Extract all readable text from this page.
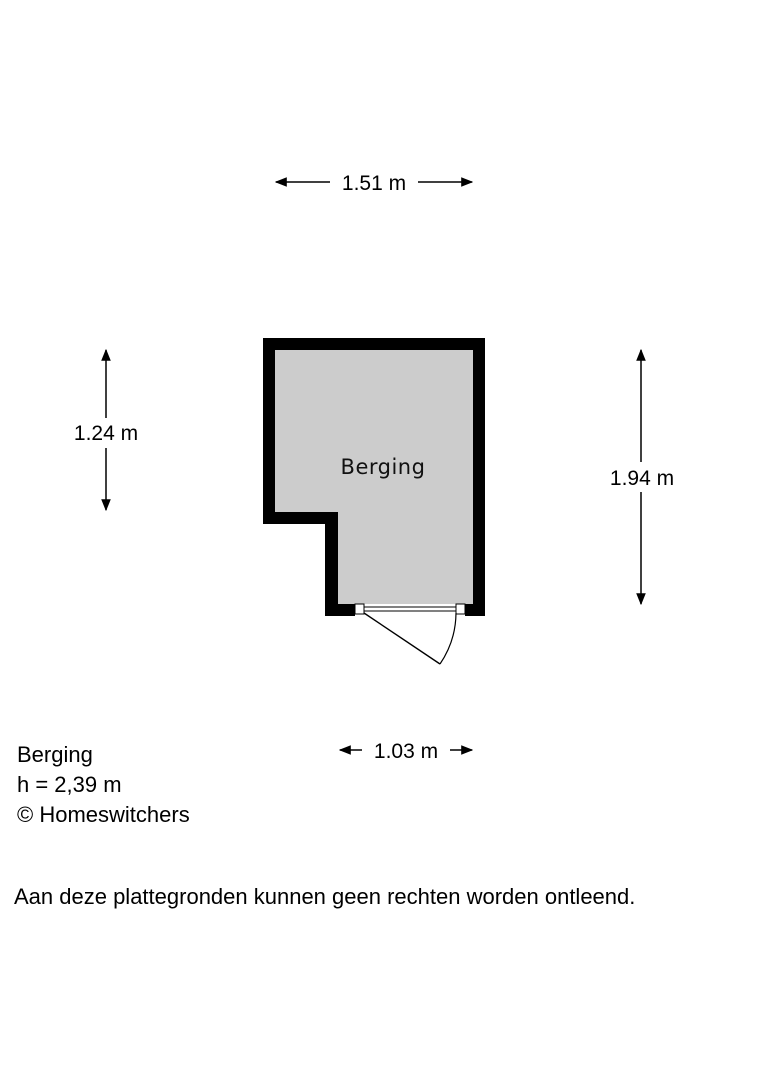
Berging
1.51 m
1.24 m
1.94 m
1.03 m
Berging
h = 2,39 m
© Homeswitchers
Aan deze plattegronden kunnen geen rechten worden ontleend.
